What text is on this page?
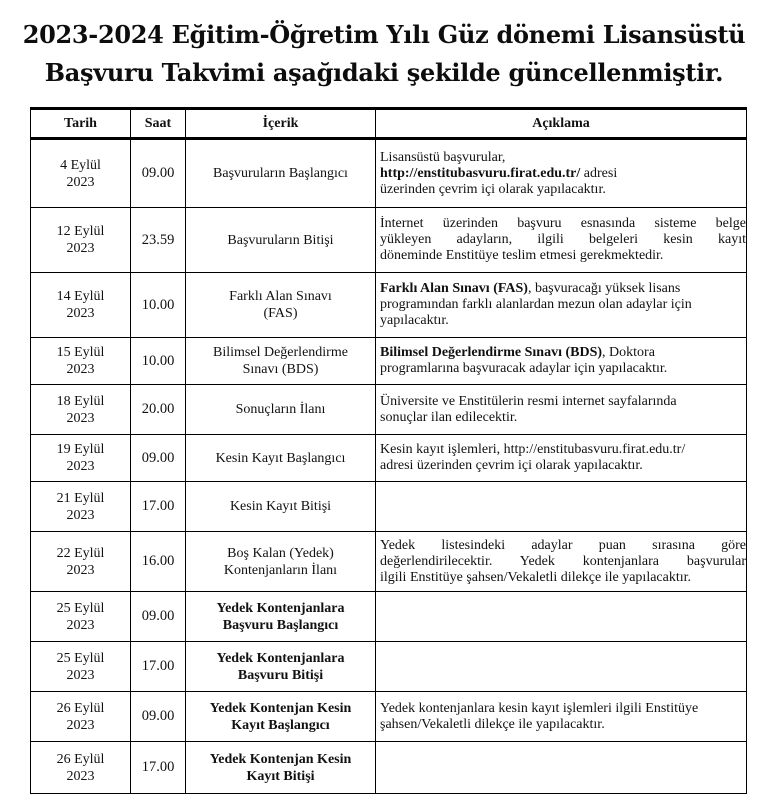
2023-2024 Eğitim-Öğretim Yılı Güz dönemi Lisansüstü
Başvuru Takvimi aşağıdaki şekilde güncellenmiştir.
Tarih	Saat	İçerik	Açıklama
4 Eylül
2023	09.00	Başvuruların Başlangıcı	Lisansüstü başvurular,
http://enstitubasvuru.firat.edu.tr/ adresi
üzerinden çevrim içi olarak yapılacaktır.

12 Eylül
2023	23.59	Başvuruların Bitişi	İnternet üzerinden başvuru esnasında sisteme belge
yükleyen adayların, ilgili belgeleri kesin kayıt
döneminde Enstitüye teslim etmesi gerekmektedir.

14 Eylül
2023	10.00	Farklı Alan Sınavı
(FAS)	Farklı Alan Sınavı (FAS), başvuracağı yüksek lisans
programından farklı alanlardan mezun olan adaylar için
yapılacaktır.

15 Eylül
2023	10.00	Bilimsel Değerlendirme
Sınavı (BDS)	Bilimsel Değerlendirme Sınavı (BDS), Doktora
programlarına başvuracak adaylar için yapılacaktır.

18 Eylül
2023	20.00	Sonuçların İlanı	Üniversite ve Enstitülerin resmi internet sayfalarında
sonuçlar ilan edilecektir.

19 Eylül
2023	09.00	Kesin Kayıt Başlangıcı	Kesin kayıt işlemleri, http://enstitubasvuru.firat.edu.tr/
adresi üzerinden çevrim içi olarak yapılacaktır.

21 Eylül
2023	17.00	Kesin Kayıt Bitişi	
22 Eylül
2023	16.00	Boş Kalan (Yedek)
Kontenjanların İlanı	Yedek listesindeki adaylar puan sırasına göre
değerlendirilecektir. Yedek kontenjanlara başvurular
ilgili Enstitüye şahsen/Vekaletli dilekçe ile yapılacaktır.

25 Eylül
2023	09.00	Yedek Kontenjanlara
Başvuru Başlangıcı	
25 Eylül
2023	17.00	Yedek Kontenjanlara
Başvuru Bitişi	
26 Eylül
2023	09.00	Yedek Kontenjan Kesin
Kayıt Başlangıcı	Yedek kontenjanlara kesin kayıt işlemleri ilgili Enstitüye
şahsen/Vekaletli dilekçe ile yapılacaktır.

26 Eylül
2023	17.00	Yedek Kontenjan Kesin
Kayıt Bitişi	
